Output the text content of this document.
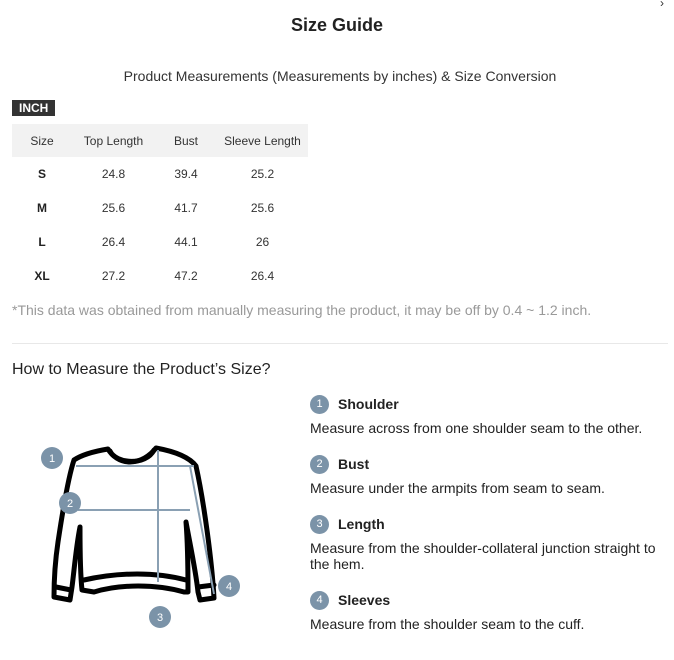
›
Size Guide
Product Measurements (Measurements by inches) & Size Conversion
INCH
Size	Top Length	Bust	Sleeve Length
S	24.8	39.4	25.2
M	25.6	41.7	25.6
L	26.4	44.1	26
XL	27.2	47.2	26.4
*This data was obtained from manually measuring the product, it may be off by 0.4 ~ 1.2 inch.
How to Measure the Product’s Size?
1
2
3
4
1	Shoulder
Measure across from one shoulder seam to the other.
2	Bust
Measure under the armpits from seam to seam.
3	Length
Measure from the shoulder-collateral junction straight to the hem.
4	Sleeves
Measure from the shoulder seam to the cuff.
